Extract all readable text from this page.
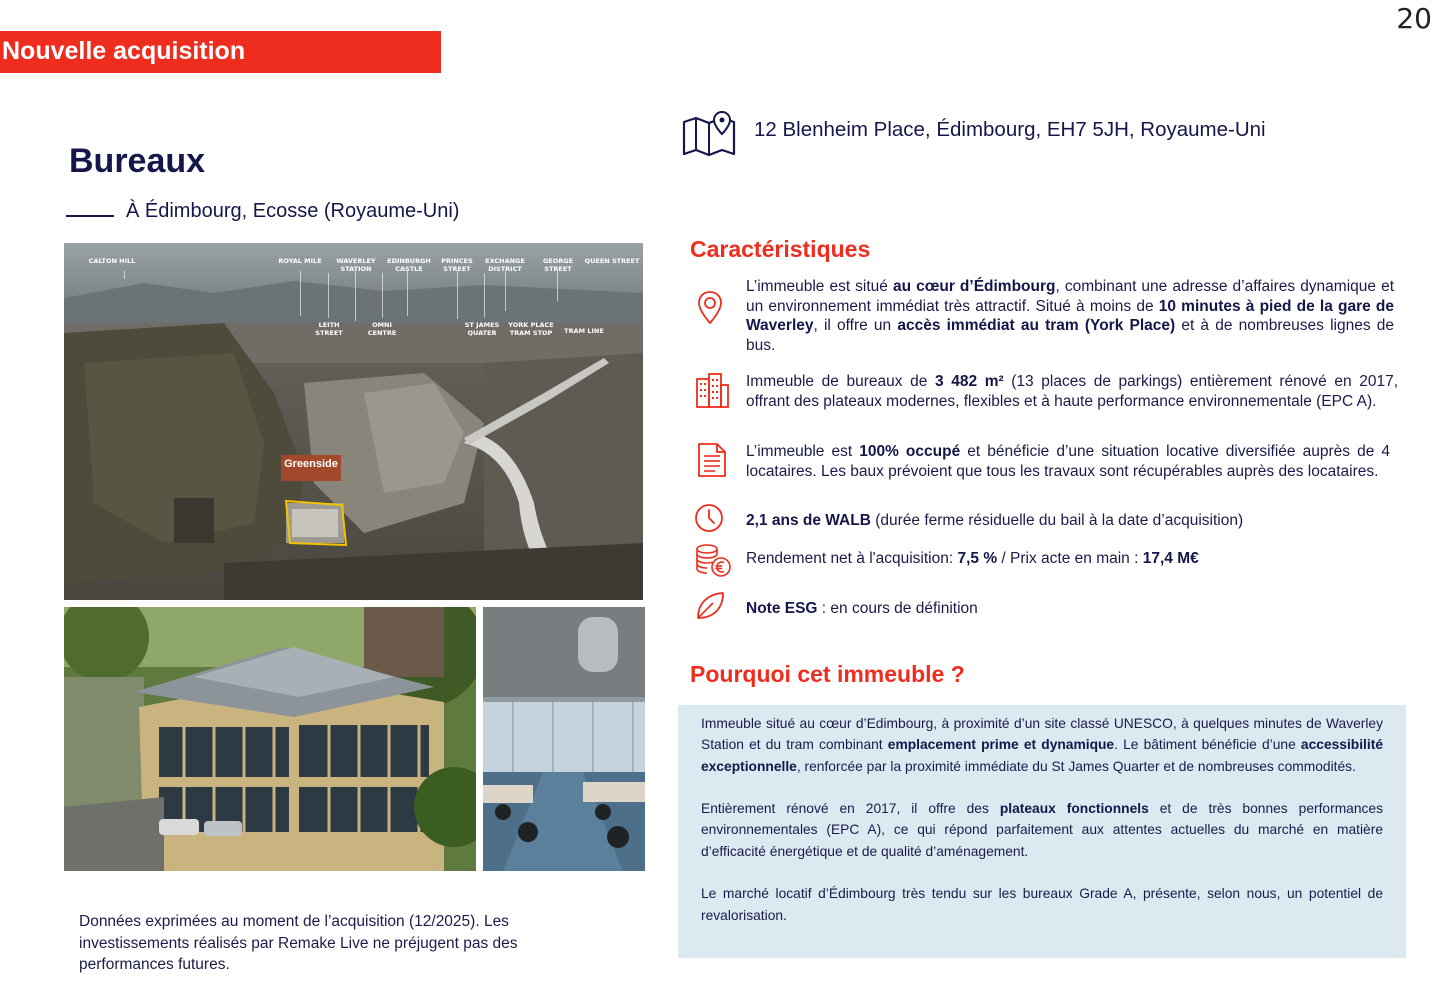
20
Nouvelle acquisition
Bureaux
À Édimbourg, Ecosse (Royaume-Uni)
CALTON HILL	ROYAL MILE	WAVERLEY STATION
EDINBURGH CASTLE
PRINCES STREET
EXCHANGE DISTRICT
GEORGE STREET
QUEEN STREET
LEITH STREET
OMNI CENTRE
ST JAMES QUATER
YORK PLACE TRAM STOP	TRAM LINE
Greenside
Données exprimées au moment de l’acquisition (12/2025). Les investissements réalisés par Remake Live ne préjugent pas des performances futures.
12 Blenheim Place, Édimbourg, EH7 5JH, Royaume-Uni
Caractéristiques
L’immeuble est situé au cœur d’Édimbourg, combinant une adresse d’affaires dynamique et un environnement immédiat très attractif. Situé à moins de 10 minutes à pied de la gare de Waverley, il offre un accès immédiat au tram (York Place) et à de nombreuses lignes de bus.
Immeuble de bureaux de 3 482 m² (13 places de parkings) entièrement rénové en 2017, offrant des plateaux modernes, flexibles et à haute performance environnementale (EPC A).
L’immeuble est 100% occupé et bénéficie d’une situation locative diversifiée auprès de 4 locataires. Les baux prévoient que tous les travaux sont récupérables auprès des locataires.
2,1 ans de WALB (durée ferme résiduelle du bail à la date d’acquisition)
Rendement net à l'acquisition: 7,5 % / Prix acte en main : 17,4 M€
Note ESG : en cours de définition
Pourquoi cet immeuble ?

Immeuble situé au cœur d’Edimbourg, à proximité d’un site classé UNESCO, à quelques minutes de Waverley Station et du tram combinant emplacement prime et dynamique. Le bâtiment bénéficie d’une accessibilité exceptionnelle, renforcée par la proximité immédiate du St James Quarter et de nombreuses commodités.

Entièrement rénové en 2017, il offre des plateaux fonctionnels et de très bonnes performances environnementales (EPC A), ce qui répond parfaitement aux attentes actuelles du marché en matière d’efficacité énergétique et de qualité d’aménagement.

Le marché locatif d’Édimbourg très tendu sur les bureaux Grade A, présente, selon nous, un potentiel de revalorisation.
